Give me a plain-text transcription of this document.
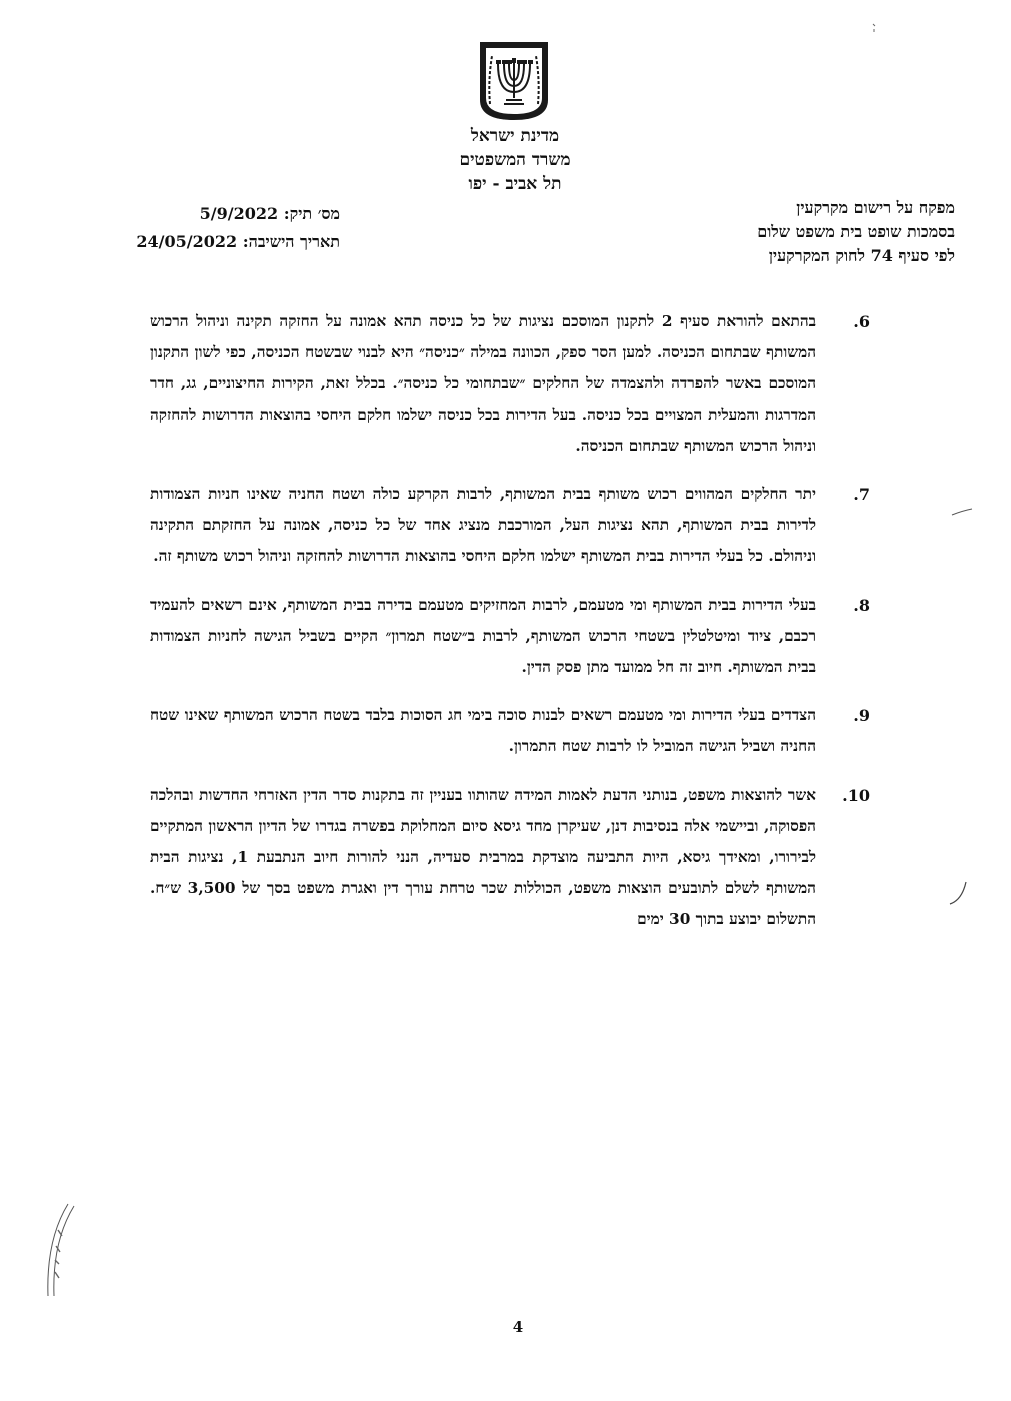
מדינת ישראל
משרד המשפטים
תל אביב - יפו
מפקח על רישום מקרקעין
בסמכות שופט בית משפט שלום
לפי סעיף 74 לחוק המקרקעין
מס׳ תיק: 5/9/2022
תאריך הישיבה: 24/05/2022
6.
בהתאם להוראת סעיף 2 לתקנון המוסכם נציגות של כל כניסה תהא אמונה על החזקה תקינה וניהול הרכוש המשותף שבתחום הכניסה. למען הסר ספק, הכוונה במילה ״כניסה״ היא לבנוי שבשטח הכניסה, כפי לשון התקנון המוסכם באשר להפרדה ולהצמדה של החלקים ״שבתחומי כל כניסה״. בכלל זאת, הקירות החיצוניים, גג, חדר המדרגות והמעלית המצויים בכל כניסה. בעל הדירות בכל כניסה ישלמו חלקם היחסי בהוצאות הדרושות להחזקה וניהול הרכוש המשותף שבתחום הכניסה.
7.
יתר החלקים המהווים רכוש משותף בבית המשותף, לרבות הקרקע כולה ושטח החניה שאינו חניות הצמודות לדירות בבית המשותף, תהא נציגות העל, המורכבת מנציג אחד של כל כניסה, אמונה על החזקתם התקינה וניהולם. כל בעלי הדירות בבית המשותף ישלמו חלקם היחסי בהוצאות הדרושות להחזקה וניהול רכוש משותף זה.
8.
בעלי הדירות בבית המשותף ומי מטעמם, לרבות המחזיקים מטעמם בדירה בבית המשותף, אינם רשאים להעמיד רכבם, ציוד ומיטלטלין בשטחי הרכוש המשותף, לרבות ב״שטח תמרון״ הקיים בשביל הגישה לחניות הצמודות בבית המשותף. חיוב זה חל ממועד מתן פסק הדין.
9.
הצדדים בעלי הדירות ומי מטעמם רשאים לבנות סוכה בימי חג הסוכות בלבד בשטח הרכוש המשותף שאינו שטח החניה ושביל הגישה המוביל לו לרבות שטח התמרון.
10.
אשר להוצאות משפט, בנותני הדעת לאמות המידה שהותוו בעניין זה בתקנות סדר הדין האזרחי החדשות ובהלכה הפסוקה, וביישמי אלה בנסיבות דנן, שעיקרן מחד גיסא סיום המחלוקת בפשרה בגדרו של הדיון הראשון המתקיים לבירורו, ומאידך גיסא, היות התביעה מוצדקת במרבית סעדיה, הנני להורות חיוב הנתבעת 1, נציגות הבית המשותף לשלם לתובעים הוצאות משפט, הכוללות שכר טרחת עורך דין ואגרת משפט בסך של 3,500 ש״ח. התשלום יבוצע בתוך 30 ימים
4
